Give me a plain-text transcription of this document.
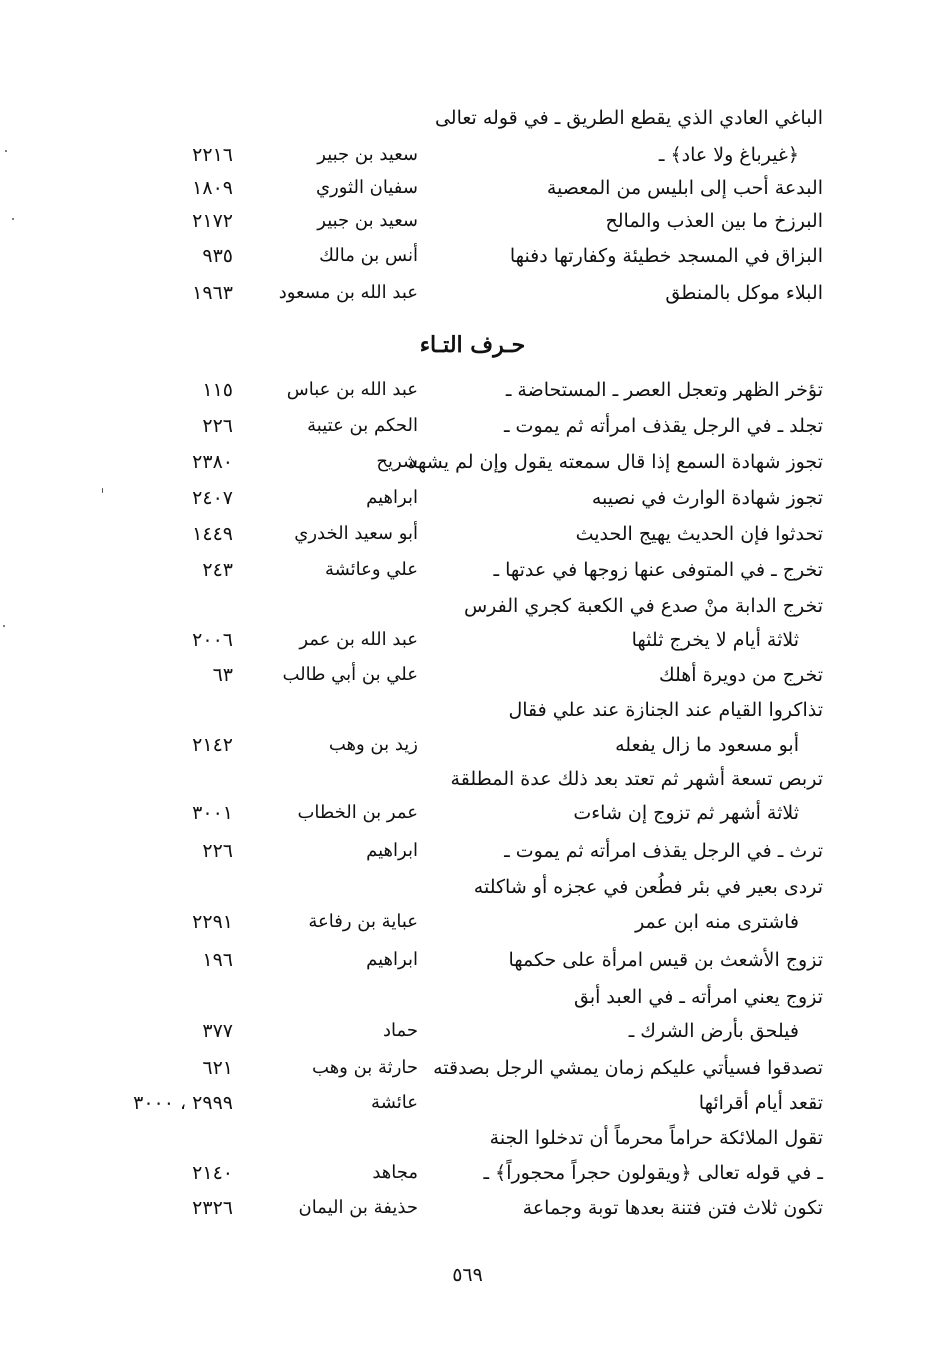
الباغي العادي الذي يقطع الطريق ـ في قوله تعالى
﴿غيرباغ ولا عاد﴾ ـ
سعيد بن جبير
٢٢١٦
البدعة أحب إلى ابليس من المعصية
سفيان الثوري
١٨٠٩
البرزخ ما بين العذب والمالح
سعيد بن جبير
٢١٧٢
البزاق في المسجد خطيئة وكفارتها دفنها
أنس بن مالك
٩٣٥
البلاء موكل بالمنطق
عبد الله بن مسعود
١٩٦٣
حـرف التـاء
تؤخر الظهر وتعجل العصر ـ المستحاضة ـ
عبد الله بن عباس
١١٥
تجلد ـ في الرجل يقذف امرأته ثم يموت ـ
الحكم بن عتيبة
٢٢٦
تجوز شهادة السمع إذا قال سمعته يقول وإن لم يشهد
شريح
٢٣٨٠
تجوز شهادة الوارث في نصيبه
ابراهيم
٢٤٠٧
تحدثوا فإن الحديث يهيج الحديث
أبو سعيد الخدري
١٤٤٩
تخرج ـ في المتوفى عنها زوجها في عدتها ـ
علي وعائشة
٢٤٣
تخرج الدابة منْ صدع في الكعبة كجري الفرس
ثلاثة أيام لا يخرج ثلثها
عبد الله بن عمر
٢٠٠٦
تخرج من دويرة أهلك
علي بن أبي طالب
٦٣
تذاكروا القيام عند الجنازة عند علي فقال
أبو مسعود ما زال يفعله
زيد بن وهب
٢١٤٢
تربص تسعة أشهر ثم تعتد بعد ذلك عدة المطلقة
ثلاثة أشهر ثم تزوج إن شاءت
عمر بن الخطاب
٣٠٠١
ترث ـ في الرجل يقذف امرأته ثم يموت ـ
ابراهيم
٢٢٦
تردى بعير في بئر فطُعن في عجزه أو شاكلته
فاشترى منه ابن عمر
عباية بن رفاعة
٢٢٩١
تزوج الأشعث بن قيس امرأة على حكمها
ابراهيم
١٩٦
تزوج يعني امرأته ـ في العبد أبق
فيلحق بأرض الشرك ـ
حماد
٣٧٧
تصدقوا فسيأتي عليكم زمان يمشي الرجل بصدقته
حارثة بن وهب
٦٢١
تقعد أيام أقرائها
عائشة
٢٩٩٩ ، ٣٠٠٠
تقول الملائكة حراماً محرماً أن تدخلوا الجنة
ـ في قوله تعالى ﴿ويقولون حجراً محجوراً﴾ ـ
مجاهد
٢١٤٠
تكون ثلاث فتن فتنة بعدها توبة وجماعة
حذيفة بن اليمان
٢٣٢٦
٥٦٩
